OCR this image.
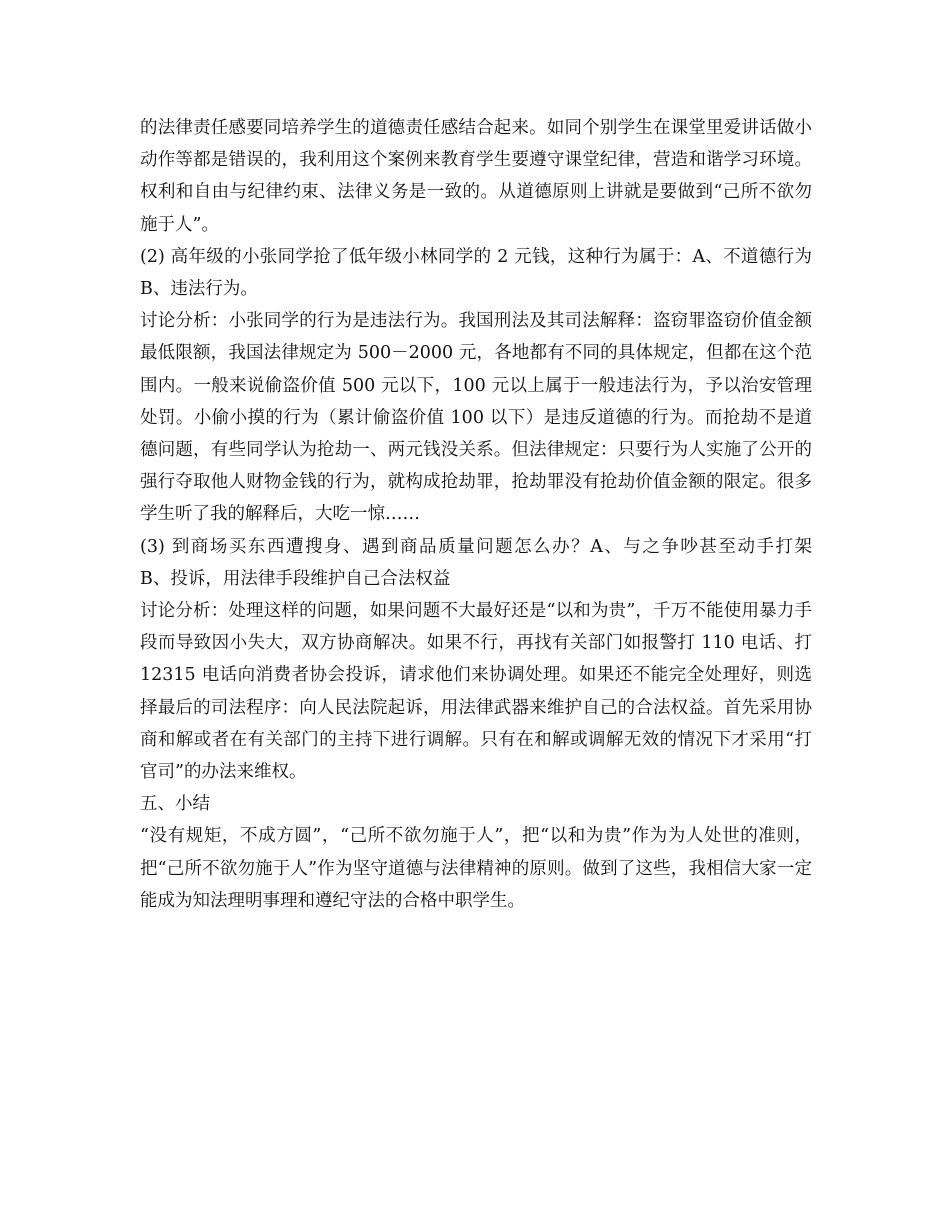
的法律责任感要同培养学生的道德责任感结合起来。如同个别学生在课堂里爱讲话做小动作等都是错误的，我利用这个案例来教育学生要遵守课堂纪律，营造和谐学习环境。权利和自由与纪律约束、法律义务是一致的。从道德原则上讲就是要做到“己所不欲勿施于人”。

(2) 高年级的小张同学抢了低年级小林同学的 2 元钱，这种行为属于：A、不道德行为　　B、违法行为。

讨论分析：小张同学的行为是违法行为。我国刑法及其司法解释：盗窃罪盗窃价值金额最低限额，我国法律规定为 500－2000 元，各地都有不同的具体规定，但都在这个范围内。一般来说偷盗价值 500 元以下，100 元以上属于一般违法行为，予以治安管理处罚。小偷小摸的行为（累计偷盗价值 100 以下）是违反道德的行为。而抢劫不是道德问题，有些同学认为抢劫一、两元钱没关系。但法律规定：只要行为人实施了公开的强行夺取他人财物金钱的行为，就构成抢劫罪，抢劫罪没有抢劫价值金额的限定。很多学生听了我的解释后，大吃一惊……

(3) 到商场买东西遭搜身、遇到商品质量问题怎么办？A、与之争吵甚至动手打架　　B、投诉，用法律手段维护自己合法权益

讨论分析：处理这样的问题，如果问题不大最好还是“以和为贵”，千万不能使用暴力手段而导致因小失大，双方协商解决。如果不行，再找有关部门如报警打 110 电话、打 12315 电话向消费者协会投诉，请求他们来协调处理。如果还不能完全处理好，则选择最后的司法程序：向人民法院起诉，用法律武器来维护自己的合法权益。首先采用协商和解或者在有关部门的主持下进行调解。只有在和解或调解无效的情况下才采用“打官司”的办法来维权。

五、小结

“没有规矩，不成方圆”，“己所不欲勿施于人”，把“以和为贵”作为为人处世的准则，把“己所不欲勿施于人”作为坚守道德与法律精神的原则。做到了这些，我相信大家一定能成为知法理明事理和遵纪守法的合格中职学生。
